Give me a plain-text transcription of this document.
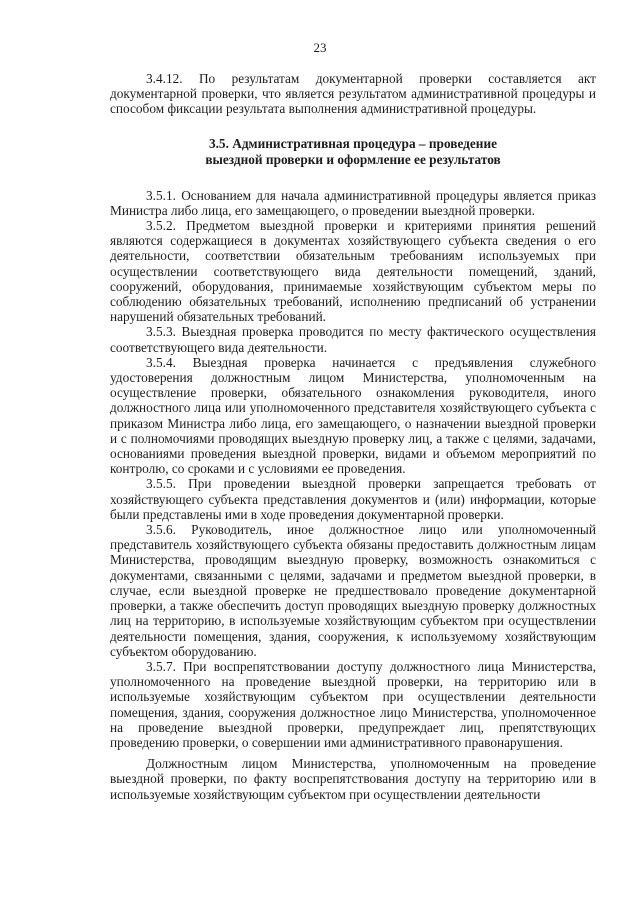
23

3.4.12. По результатам документарной проверки составляется акт документарной проверки, что является результатом административной процедуры и способом фиксации результата выполнения административной процедуры.

3.5. Административная процедура – проведение
выездной проверки и оформление ее результатов

3.5.1. Основанием для начала административной процедуры является приказ Министра либо лица, его замещающего, о проведении выездной проверки.

3.5.2. Предметом выездной проверки и критериями принятия решений являются содержащиеся в документах хозяйствующего субъекта сведения о его деятельности, соответствии обязательным требованиям используемых при осуществлении соответствующего вида деятельности помещений, зданий, сооружений, оборудования, принимаемые хозяйствующим субъектом меры по соблюдению обязательных требований, исполнению предписаний об устранении нарушений обязательных требований.

3.5.3. Выездная проверка проводится по месту фактического осуществления соответствующего вида деятельности.

3.5.4. Выездная проверка начинается с предъявления служебного удостоверения должностным лицом Министерства, уполномоченным на осуществление проверки, обязательного ознакомления руководителя, иного должностного лица или уполномоченного представителя хозяйствующего субъекта с приказом Министра либо лица, его замещающего, о назначении выездной проверки и с полномочиями проводящих выездную проверку лиц, а также с целями, задачами, основаниями проведения выездной проверки, видами и объемом мероприятий по контролю, со сроками и с условиями ее проведения.

3.5.5. При проведении выездной проверки запрещается требовать от хозяйствующего субъекта представления документов и (или) информации, которые были представлены ими в ходе проведения документарной проверки.

3.5.6. Руководитель, иное должностное лицо или уполномоченный представитель хозяйствующего субъекта обязаны предоставить должностным лицам Министерства, проводящим выездную проверку, возможность ознакомиться с документами, связанными с целями, задачами и предметом выездной проверки, в случае, если выездной проверке не предшествовало проведение документарной проверки, а также обеспечить доступ проводящих выездную проверку должностных лиц на территорию, в используемые хозяйствующим субъектом при осуществлении деятельности помещения, здания, сооружения, к используемому хозяйствующим субъектом оборудованию.

3.5.7. При воспрепятствовании доступу должностного лица Министерства, уполномоченного на проведение выездной проверки, на территорию или в используемые хозяйствующим субъектом при осуществлении деятельности помещения, здания, сооружения должностное лицо Министерства, уполномоченное на проведение выездной проверки, предупреждает лиц, препятствующих проведению проверки, о совершении ими административного правонарушения.

Должностным лицом Министерства, уполномоченным на проведение выездной проверки, по факту воспрепятствования доступу на территорию или в используемые хозяйствующим субъектом при осуществлении деятельности
